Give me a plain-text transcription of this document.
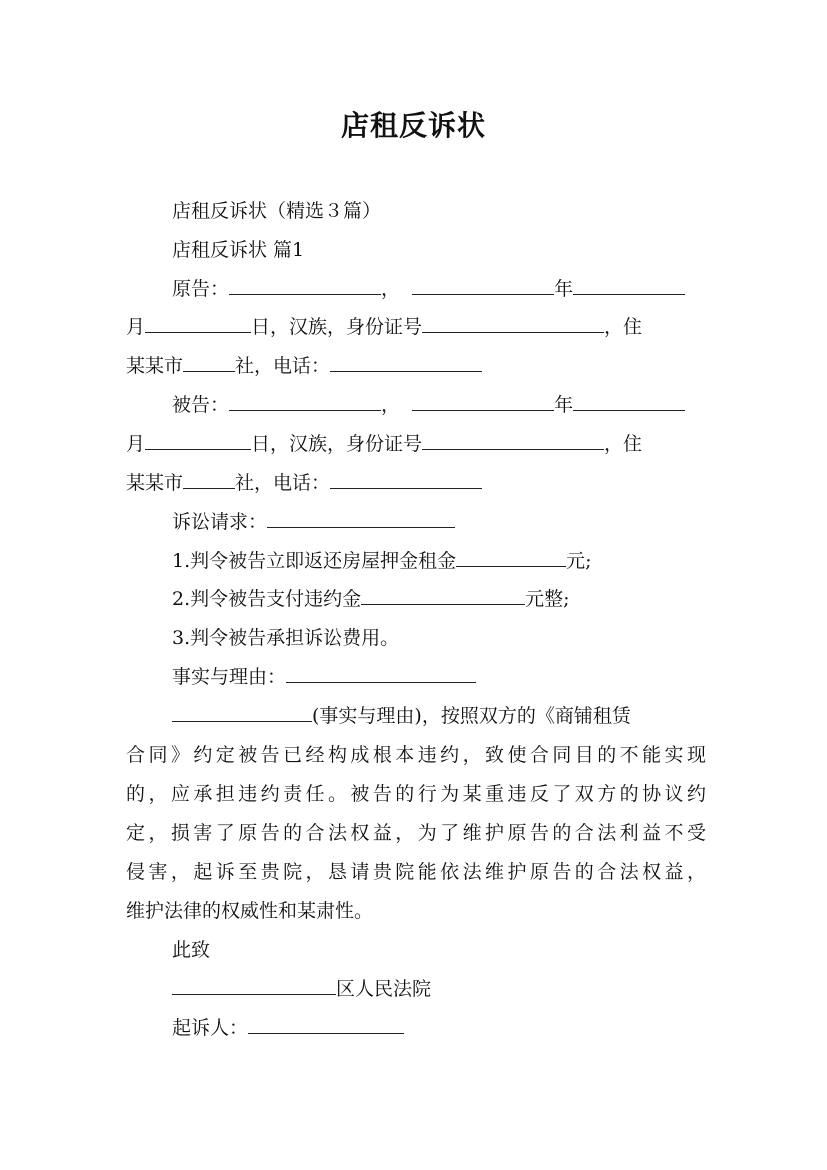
店租反诉状
店租反诉状（精选３篇）
店租反诉状 篇1
原告：	，	年
月	日，汉族，身份证号	，住
某某市	社，电话：
被告：	，	年
月	日，汉族，身份证号	，住
某某市	社，电话：
诉讼请求：
1.判令被告立即返还房屋押金租金	元;
2.判令被告支付违约金	元整;
3.判令被告承担诉讼费用。
事实与理由：
(事实与理由)，按照双方的《商铺租赁
合同》约定被告已经构成根本违约，致使合同目的不能实现
的，应承担违约责任。被告的行为某重违反了双方的协议约
定，损害了原告的合法权益，为了维护原告的合法利益不受
侵害，起诉至贵院，恳请贵院能依法维护原告的合法权益，
维护法律的权威性和某肃性。
此致
区人民法院
起诉人：
